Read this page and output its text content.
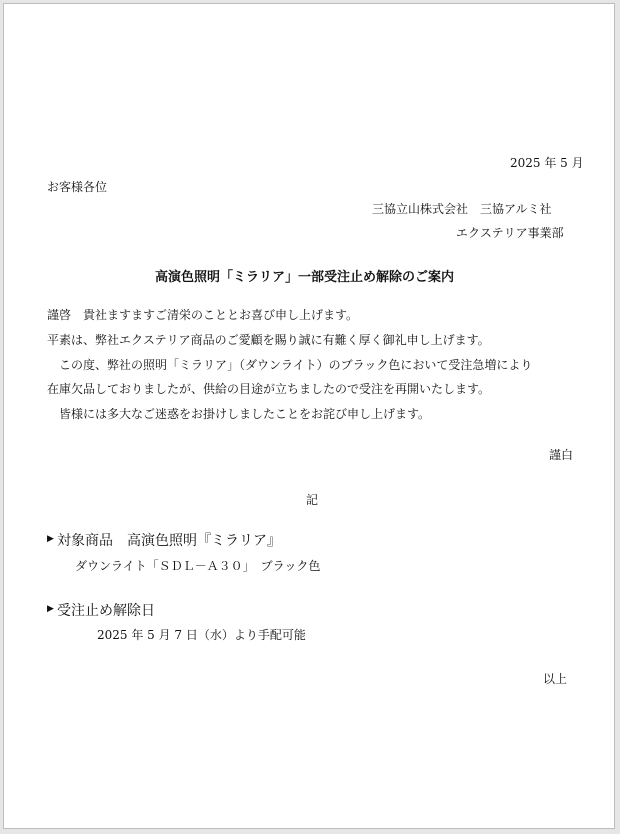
2025 年 5 月
お客様各位
三協立山株式会社　三協アルミ社
エクステリア事業部
高演色照明「ミラリア」一部受注止め解除のご案内
謹啓　貴社ますますご清栄のこととお喜び申し上げます。
平素は、弊社エクステリア商品のご愛顧を賜り誠に有難く厚く御礼申し上げます。
　この度、弊社の照明「ミラリア」（ダウンライト）のブラック色において受注急増により
在庫欠品しておりましたが、供給の目途が立ちましたので受注を再開いたします。
　皆様には多大なご迷惑をお掛けしましたことをお詫び申し上げます。
謹白
記
▶ 対象商品　高演色照明『ミラリア』
ダウンライト「ＳＤＬ－Ａ３０」　ブラック色
▶ 受注止め解除日
2025 年 5 月 7 日（水）より手配可能
以上
